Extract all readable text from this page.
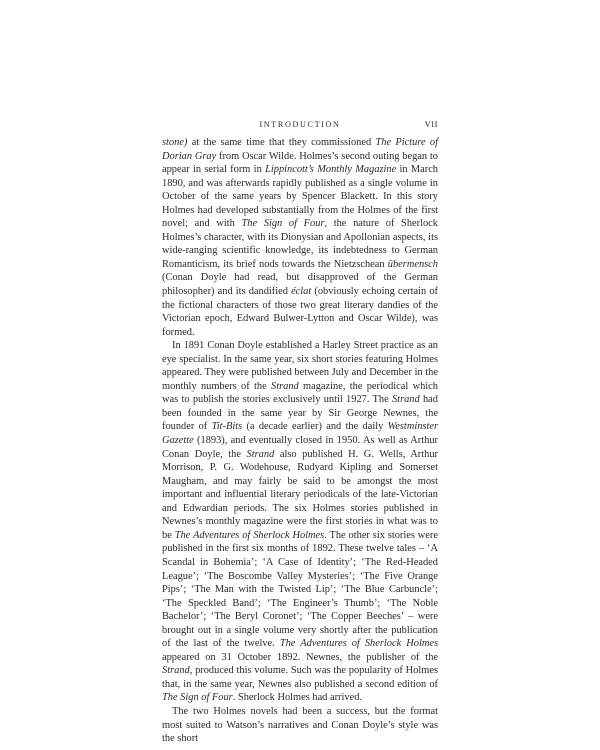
INTRODUCTION	VII

stone) at the same time that they commissioned The Picture of Dorian Gray from Oscar Wilde. Holmes’s second outing began to appear in serial form in Lippincott’s Monthly Magazine in March 1890, and was afterwards rapidly published as a single volume in October of the same years by Spencer Blackett. In this story Holmes had developed substantially from the Holmes of the first novel; and with The Sign of Four, the nature of Sherlock Holmes’s character, with its Dionysian and Apollonian aspects, its wide-ranging scientific knowledge, its indebtedness to German Romanticism, its brief nods towards the Nietzschean übermensch (Conan Doyle had read, but disapproved of the German philosopher) and its dandified éclat (obviously echoing certain of the fictional characters of those two great literary dandies of the Victorian epoch, Edward Bulwer-Lytton and Oscar Wilde), was formed.

In 1891 Conan Doyle established a Harley Street practice as an eye specialist. In the same year, six short stories featuring Holmes appeared. They were published between July and December in the monthly numbers of the Strand magazine, the periodical which was to publish the stories exclusively until 1927. The Strand had been founded in the same year by Sir George Newnes, the founder of Tit-Bits (a decade earlier) and the daily Westminster Gazette (1893), and eventually closed in 1950. As well as Arthur Conan Doyle, the Strand also published H. G. Wells, Arthur Morrison, P. G. Wodehouse, Rudyard Kipling and Somerset Maugham, and may fairly be said to be amongst the most important and influential literary periodicals of the late-Victorian and Edwardian periods. The six Holmes stories published in Newnes’s monthly magazine were the first stories in what was to be The Adventures of Sherlock Holmes. The other six stories were published in the first six months of 1892. These twelve tales – ‘A Scandal in Bohemia’; ‘A Case of Identity’; ‘The Red-Headed League’; ‘The Boscombe Valley Mysteries’; ‘The Five Orange Pips’; ‘The Man with the Twisted Lip’; ‘The Blue Carbuncle’; ‘The Speckled Band’; ‘The Engineer’s Thumb’; ‘The Noble Bachelor’; ‘The Beryl Coronet’; ‘The Copper Beeches’ – were brought out in a single volume very shortly after the publication of the last of the twelve. The Adventures of Sherlock Holmes appeared on 31 October 1892. Newnes, the publisher of the Strand, produced this volume. Such was the popularity of Holmes that, in the same year, Newnes also published a second edition of The Sign of Four. Sherlock Holmes had arrived.

The two Holmes novels had been a success, but the format most suited to Watson’s narratives and Conan Doyle’s style was the short
